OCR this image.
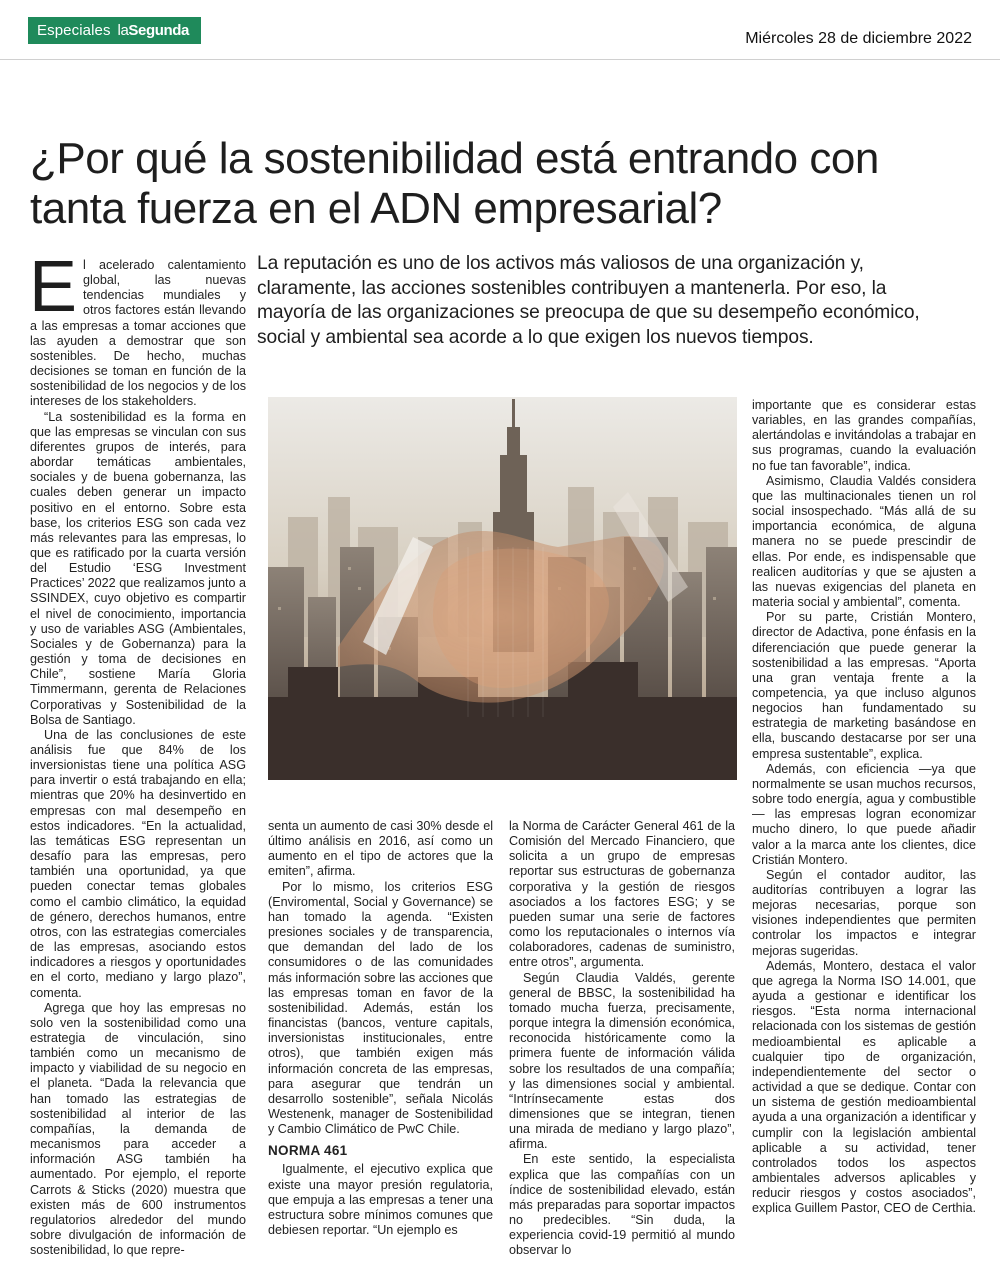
Especiales laSegunda	Miércoles 28 de diciembre 2022
¿Por qué la sostenibilidad está entrando con tanta fuerza en el ADN empresarial?
La reputación es uno de los activos más valiosos de una organización y, claramente, las acciones sostenibles contribuyen a mantenerla. Por eso, la mayoría de las organizaciones se preocupa de que su desempeño económico, social y ambiental sea acorde a lo que exigen los nuevos tiempos.

El acelerado calentamiento global, las nuevas tendencias mundiales y otros factores están llevando a las empresas a tomar acciones que las ayuden a demostrar que son sostenibles. De hecho, muchas decisiones se toman en función de la sostenibilidad de los negocios y de los intereses de los stakeholders.

“La sostenibilidad es la forma en que las empresas se vinculan con sus diferentes grupos de interés, para abordar temáticas ambientales, sociales y de buena gobernanza, las cuales deben generar un impacto positivo en el entorno. Sobre esta base, los criterios ESG son cada vez más relevantes para las empresas, lo que es ratificado por la cuarta versión del Estudio ‘ESG Investment Practices’ 2022 que realizamos junto a SSINDEX, cuyo objetivo es compartir el nivel de conocimiento, importancia y uso de variables ASG (Ambientales, Sociales y de Gobernanza) para la gestión y toma de decisiones en Chile”, sostiene María Gloria Timmermann, gerenta de Relaciones Corporativas y Sostenibilidad de la Bolsa de Santiago.

Una de las conclusiones de este análisis fue que 84% de los inversionistas tiene una política ASG para invertir o está trabajando en ella; mientras que 20% ha desinvertido en empresas con mal desempeño en estos indicadores. “En la actualidad, las temáticas ESG representan un desafío para las empresas, pero también una oportunidad, ya que pueden conectar temas globales como el cambio climático, la equidad de género, derechos humanos, entre otros, con las estrategias comerciales de las empresas, asociando estos indicadores a riesgos y oportunidades en el corto, mediano y largo plazo”, comenta.

Agrega que hoy las empresas no solo ven la sostenibilidad como una estrategia de vinculación, sino también como un mecanismo de impacto y viabilidad de su negocio en el planeta. “Dada la relevancia que han tomado las estrategias de sostenibilidad al interior de las compañías, la demanda de mecanismos para acceder a información ASG también ha aumentado. Por ejemplo, el reporte Carrots & Sticks (2020) muestra que existen más de 600 instrumentos regulatorios alrededor del mundo sobre divulgación de información de sostenibilidad, lo que repre-

senta un aumento de casi 30% desde el último análisis en 2016, así como un aumento en el tipo de actores que la emiten”, afirma.

Por lo mismo, los criterios ESG (Enviromental, Social y Governance) se han tomado la agenda. “Existen presiones sociales y de transparencia, que demandan del lado de los consumidores o de las comunidades más información sobre las acciones que las empresas toman en favor de la sostenibilidad. Además, están los financistas (bancos, venture capitals, inversionistas institucionales, entre otros), que también exigen más información concreta de las empresas, para asegurar que tendrán un desarrollo sostenible”, señala Nicolás Westenenk, manager de Sostenibilidad y Cambio Climático de PwC Chile.

NORMA 461

Igualmente, el ejecutivo explica que existe una mayor presión regulatoria, que empuja a las empresas a tener una estructura sobre mínimos comunes que debiesen reportar. “Un ejemplo es

la Norma de Carácter General 461 de la Comisión del Mercado Financiero, que solicita a un grupo de empresas reportar sus estructuras de gobernanza corporativa y la gestión de riesgos asociados a los factores ESG; y se pueden sumar una serie de factores como los reputacionales o internos vía colaboradores, cadenas de suministro, entre otros”, argumenta.

Según Claudia Valdés, gerente general de BBSC, la sostenibilidad ha tomado mucha fuerza, precisamente, porque integra la dimensión económica, reconocida históricamente como la primera fuente de información válida sobre los resultados de una compañía; y las dimensiones social y ambiental. “Intrínsecamente estas dos dimensiones que se integran, tienen una mirada de mediano y largo plazo”, afirma.

En este sentido, la especialista explica que las compañías con un índice de sostenibilidad elevado, están más preparadas para soportar impactos no predecibles. “Sin duda, la experiencia covid-19 permitió al mundo observar lo

importante que es considerar estas variables, en las grandes compañías, alertándolas e invitándolas a trabajar en sus programas, cuando la evaluación no fue tan favorable”, indica.

Asimismo, Claudia Valdés considera que las multinacionales tienen un rol social insospechado. “Más allá de su importancia económica, de alguna manera no se puede prescindir de ellas. Por ende, es indispensable que realicen auditorías y que se ajusten a las nuevas exigencias del planeta en materia social y ambiental”, comenta.

Por su parte, Cristián Montero, director de Adactiva, pone énfasis en la diferenciación que puede generar la sostenibilidad a las empresas. “Aporta una gran ventaja frente a la competencia, ya que incluso algunos negocios han fundamentado su estrategia de marketing basándose en ella, buscando destacarse por ser una empresa sustentable”, explica.

Además, con eficiencia —ya que normalmente se usan muchos recursos, sobre todo energía, agua y combustible— las empresas logran economizar mucho dinero, lo que puede añadir valor a la marca ante los clientes, dice Cristián Montero.

Según el contador auditor, las auditorías contribuyen a lograr las mejoras necesarias, porque son visiones independientes que permiten controlar los impactos e integrar mejoras sugeridas.

Además, Montero, destaca el valor que agrega la Norma ISO 14.001, que ayuda a gestionar e identificar los riesgos. “Esta norma internacional relacionada con los sistemas de gestión medioambiental es aplicable a cualquier tipo de organización, independientemente del sector o actividad a que se dedique. Contar con un sistema de gestión medioambiental ayuda a una organización a identificar y cumplir con la legislación ambiental aplicable a su actividad, tener controlados todos los aspectos ambientales adversos aplicables y reducir riesgos y costos asociados”, explica Guillem Pastor, CEO de Certhia.
